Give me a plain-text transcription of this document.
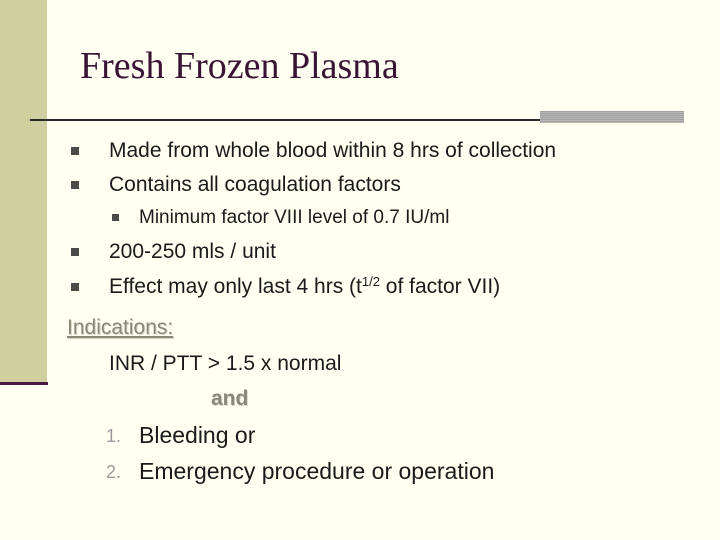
Fresh Frozen Plasma
Made from whole blood within 8 hrs of collection
Contains all coagulation factors
Minimum factor VIII level of 0.7 IU/ml
200-250 mls / unit
Effect may only last 4 hrs ($t^{1/2}$ of factor VII)
Indications:
INR / PTT > 1.5 x normal
and
1. Bleeding or
2. Emergency procedure or operation
